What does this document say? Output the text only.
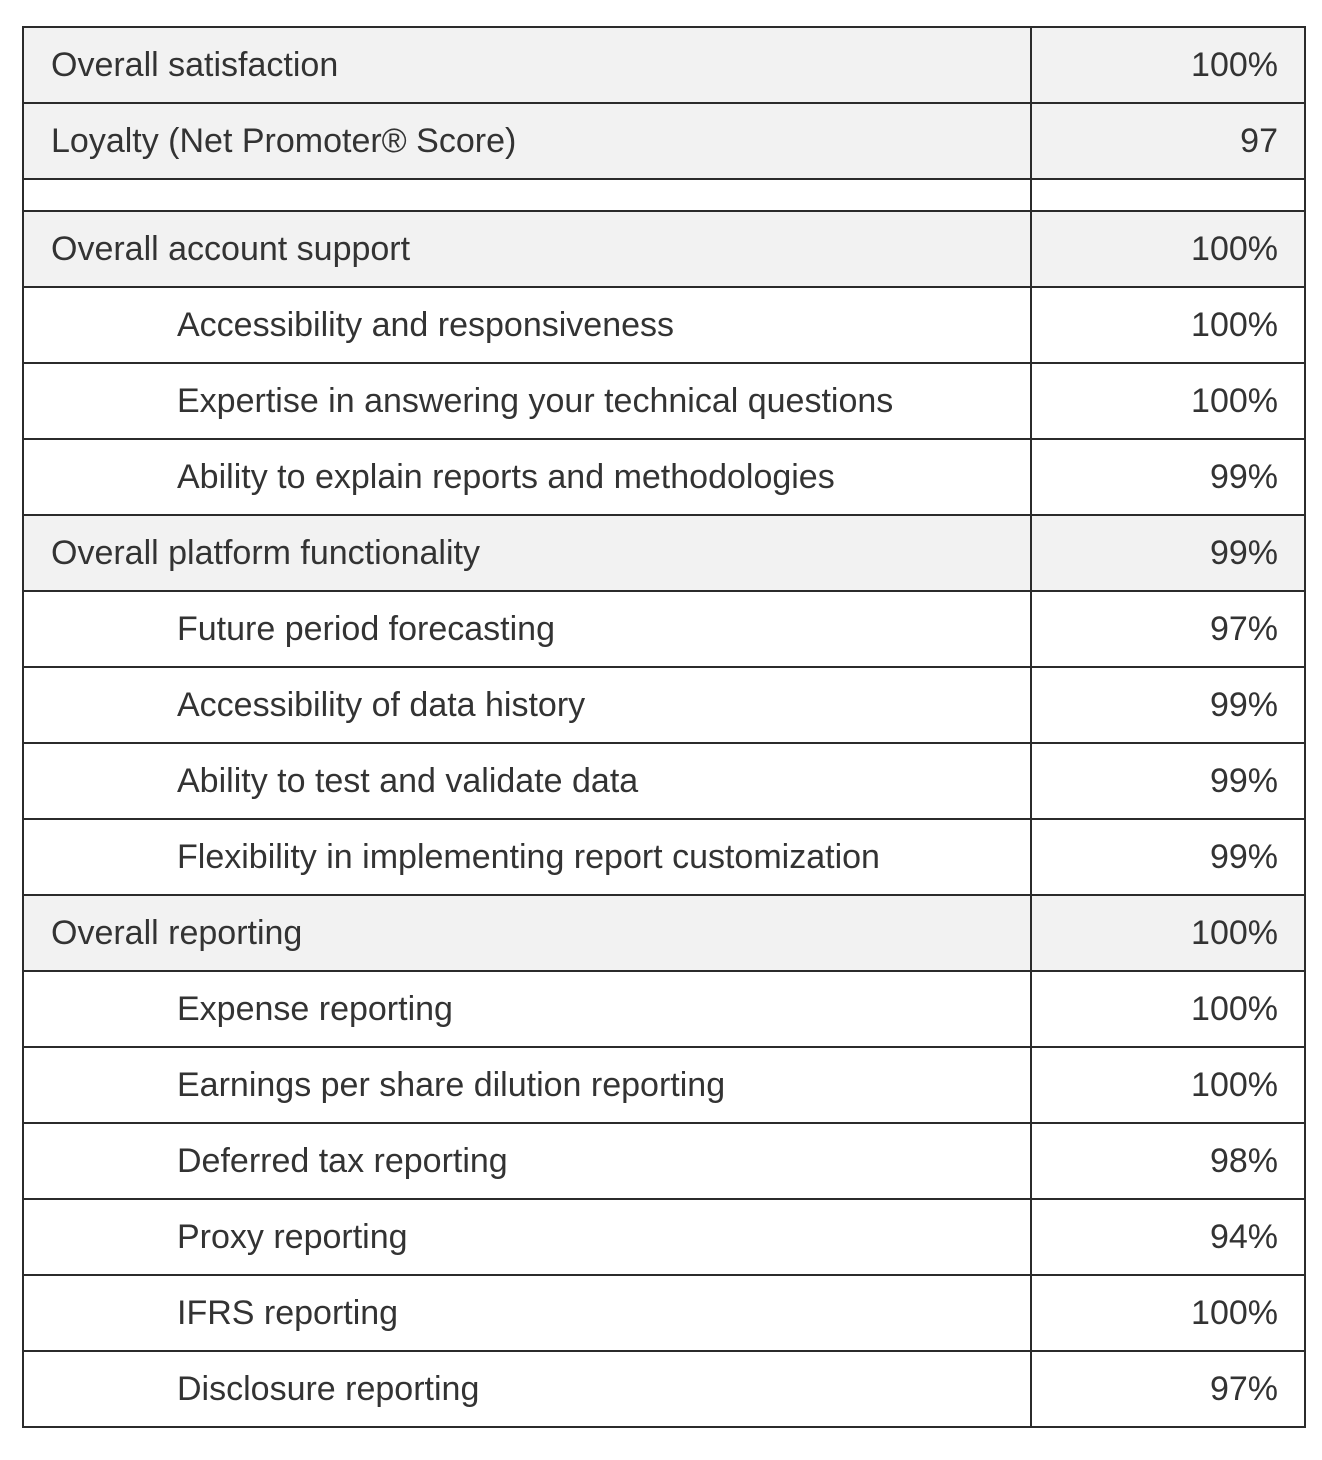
Overall satisfaction	100%
Loyalty (Net Promoter® Score)	97

Overall account support	100%
Accessibility and responsiveness	100%
Expertise in answering your technical questions	100%
Ability to explain reports and methodologies	99%
Overall platform functionality	99%
Future period forecasting	97%
Accessibility of data history	99%
Ability to test and validate data	99%
Flexibility in implementing report customization	99%
Overall reporting	100%
Expense reporting	100%
Earnings per share dilution reporting	100%
Deferred tax reporting	98%
Proxy reporting	94%
IFRS reporting	100%
Disclosure reporting	97%
